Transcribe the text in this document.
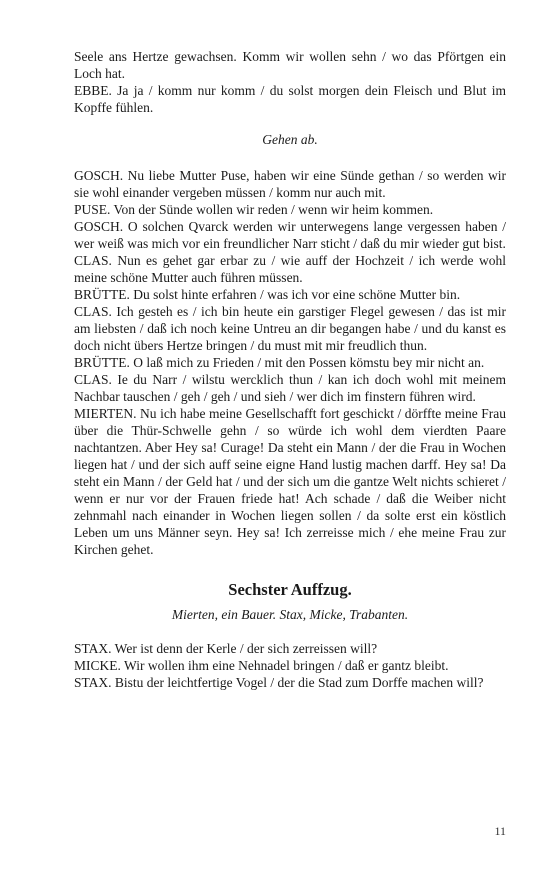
Seele ans Hertze gewachsen. Komm wir wollen sehn / wo das Pförtgen ein Loch hat.

EBBE. Ja ja / komm nur komm / du solst morgen dein Fleisch und Blut im Kopffe fühlen.

Gehen ab.

GOSCH. Nu liebe Mutter Puse, haben wir eine Sünde gethan / so werden wir sie wohl einander vergeben müssen / komm nur auch mit.

PUSE. Von der Sünde wollen wir reden / wenn wir heim kommen.

GOSCH. O solchen Qvarck werden wir unterwegens lange vergessen haben / wer weiß was mich vor ein freundlicher Narr sticht / daß du mir wieder gut bist.

CLAS. Nun es gehet gar erbar zu / wie auff der Hochzeit / ich werde wohl meine schöne Mutter auch führen müssen.

BRÜTTE. Du solst hinte erfahren / was ich vor eine schöne Mutter bin.

CLAS. Ich gesteh es / ich bin heute ein garstiger Flegel gewesen / das ist mir am liebsten / daß ich noch keine Untreu an dir begangen habe / und du kanst es doch nicht übers Hertze bringen / du must mit mir freudlich thun.

BRÜTTE. O laß mich zu Frieden / mit den Possen kömstu bey mir nicht an.

CLAS. Ie du Narr / wilstu wercklich thun / kan ich doch wohl mit meinem Nachbar tauschen / geh / geh / und sieh / wer dich im finstern führen wird.

MIERTEN. Nu ich habe meine Gesellschafft fort geschickt / dörffte meine Frau über die Thür-Schwelle gehn / so würde ich wohl dem vierdten Paare nachtantzen. Aber Hey sa! Curage! Da steht ein Mann / der die Frau in Wochen liegen hat / und der sich auff seine eigne Hand lustig machen darff. Hey sa! Da steht ein Mann / der Geld hat / und der sich um die gantze Welt nichts schieret / wenn er nur vor der Frauen friede hat! Ach schade / daß die Weiber nicht zehnmahl nach einander in Wochen liegen sollen / da solte erst ein köstlich Leben um uns Männer seyn. Hey sa! Ich zerreisse mich / ehe meine Frau zur Kirchen gehet.

Sechster Auffzug.

Mierten, ein Bauer. Stax, Micke, Trabanten.

STAX. Wer ist denn der Kerle / der sich zerreissen will?

MICKE. Wir wollen ihm eine Nehnadel bringen / daß er gantz bleibt.

STAX. Bistu der leichtfertige Vogel / der die Stad zum Dorffe machen will?

11
